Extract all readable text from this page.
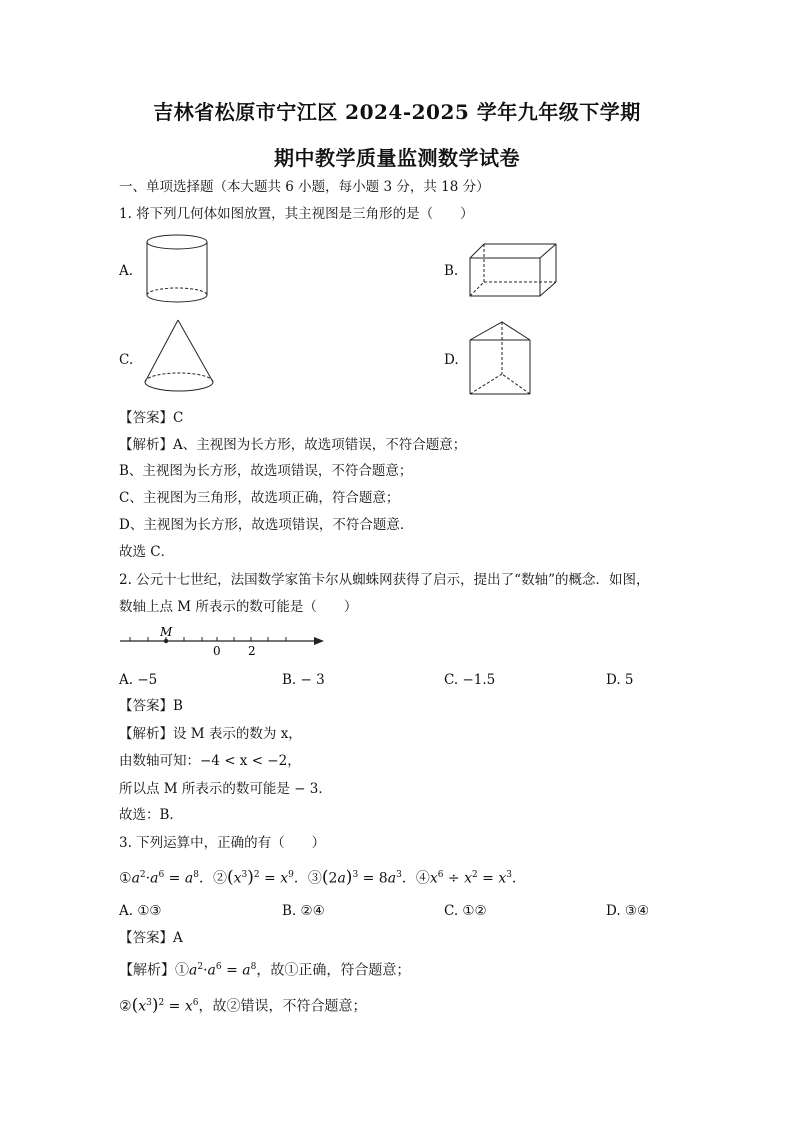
吉林省松原市宁江区 2024-2025 学年九年级下学期
期中教学质量监测数学试卷
一、单项选择题（本大题共 6 小题，每小题 3 分，共 18 分）
1. 将下列几何体如图放置，其主视图是三角形的是（　　）
A.	B.
C.	D.
【答案】C
【解析】A、主视图为长方形，故选项错误，不符合题意；
B、主视图为长方形，故选项错误，不符合题意；
C、主视图为三角形，故选项正确，符合题意；
D、主视图为长方形，故选项错误，不符合题意．
故选 C．
2. 公元十七世纪，法国数学家笛卡尔从蜘蛛网获得了启示，提出了“数轴”的概念．如图，
数轴上点 M 所表示的数可能是（　　）
M
0 2
A. −5	B. − 3	C. −1.5	D. 5
【答案】B
【解析】设 M 表示的数为 x，
由数轴可知：−4 < x < −2，
所以点 M 所表示的数可能是 − 3．
故选：B．
3. 下列运算中，正确的有（　　）
$①a^2\cdot a^6 = a^8$．$②(x^3)^2 = x^9$．$③(2a)^3 = 8a^3$．$④x^6 \div x^2 = x^3$．
A. ①③	B. ②④	C. ①②	D. ③④
【答案】A
【解析】$①a^2\cdot a^6 = a^8$，故①正确，符合题意；
$②(x^3)^2 = x^6$，故②错误，不符合题意；
